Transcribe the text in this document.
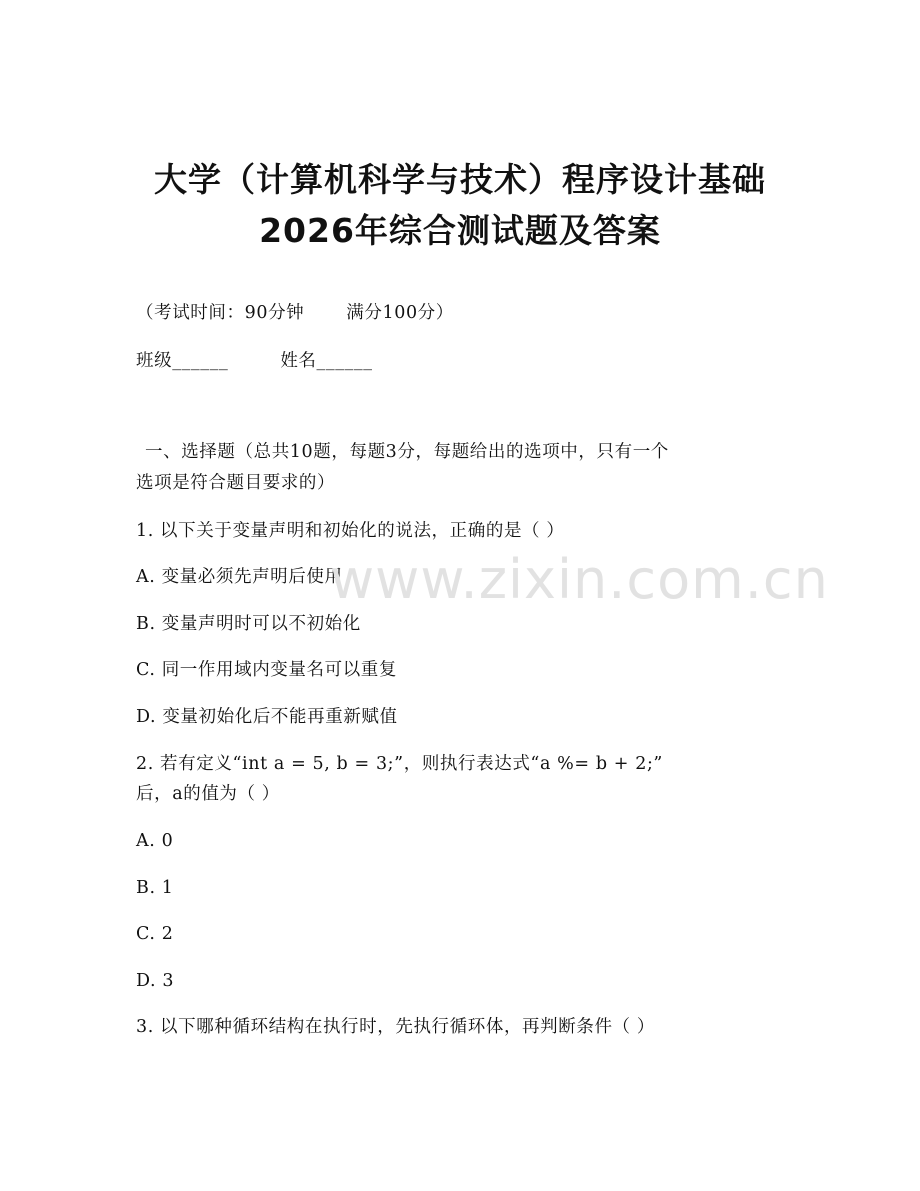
大学（计算机科学与技术）程序设计基础
2026年综合测试题及答案
（考试时间：90分钟 满分100分）
班级______	姓名______
一、选择题（总共10题，每题3分，每题给出的选项中，只有一个
选项是符合题目要求的）
1. 以下关于变量声明和初始化的说法，正确的是（ ）
A. 变量必须先声明后使用
B. 变量声明时可以不初始化
C. 同一作用域内变量名可以重复
D. 变量初始化后不能再重新赋值
2. 若有定义“int a = 5, b = 3;”，则执行表达式“a %= b + 2;”
后，a的值为（ ）
A. 0
B. 1
C. 2
D. 3
3. 以下哪种循环结构在执行时，先执行循环体，再判断条件（ ）
www.zixin.com.cn
